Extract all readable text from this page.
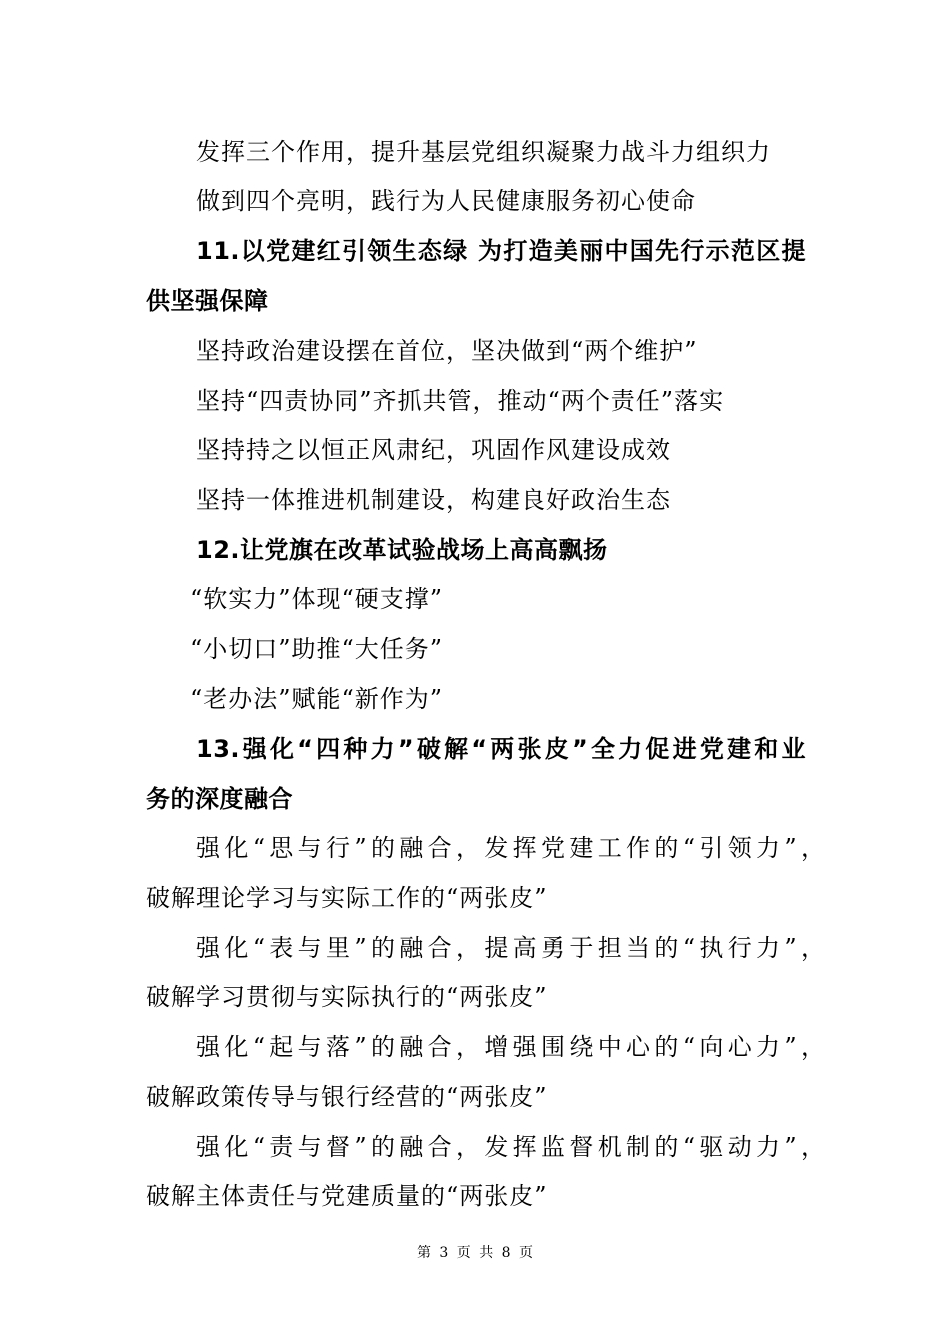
发挥三个作用，提升基层党组织凝聚力战斗力组织力
做到四个亮明，践行为人民健康服务初心使命
11.以党建红引领生态绿 为打造美丽中国先行示范区提
供坚强保障
坚持政治建设摆在首位，坚决做到“两个维护”
坚持“四责协同”齐抓共管，推动“两个责任”落实
坚持持之以恒正风肃纪，巩固作风建设成效
坚持一体推进机制建设，构建良好政治生态
12.让党旗在改革试验战场上高高飘扬
“软实力”体现“硬支撑”
“小切口”助推“大任务”
“老办法”赋能“新作为”
13.强化“四种力”破解“两张皮”全力促进党建和业
务的深度融合
强化“思与行”的融合，发挥党建工作的“引领力”，
破解理论学习与实际工作的“两张皮”
强化“表与里”的融合，提高勇于担当的“执行力”，
破解学习贯彻与实际执行的“两张皮”
强化“起与落”的融合，增强围绕中心的“向心力”，
破解政策传导与银行经营的“两张皮”
强化“责与督”的融合，发挥监督机制的“驱动力”，
破解主体责任与党建质量的“两张皮”
第 3 页 共 8 页
